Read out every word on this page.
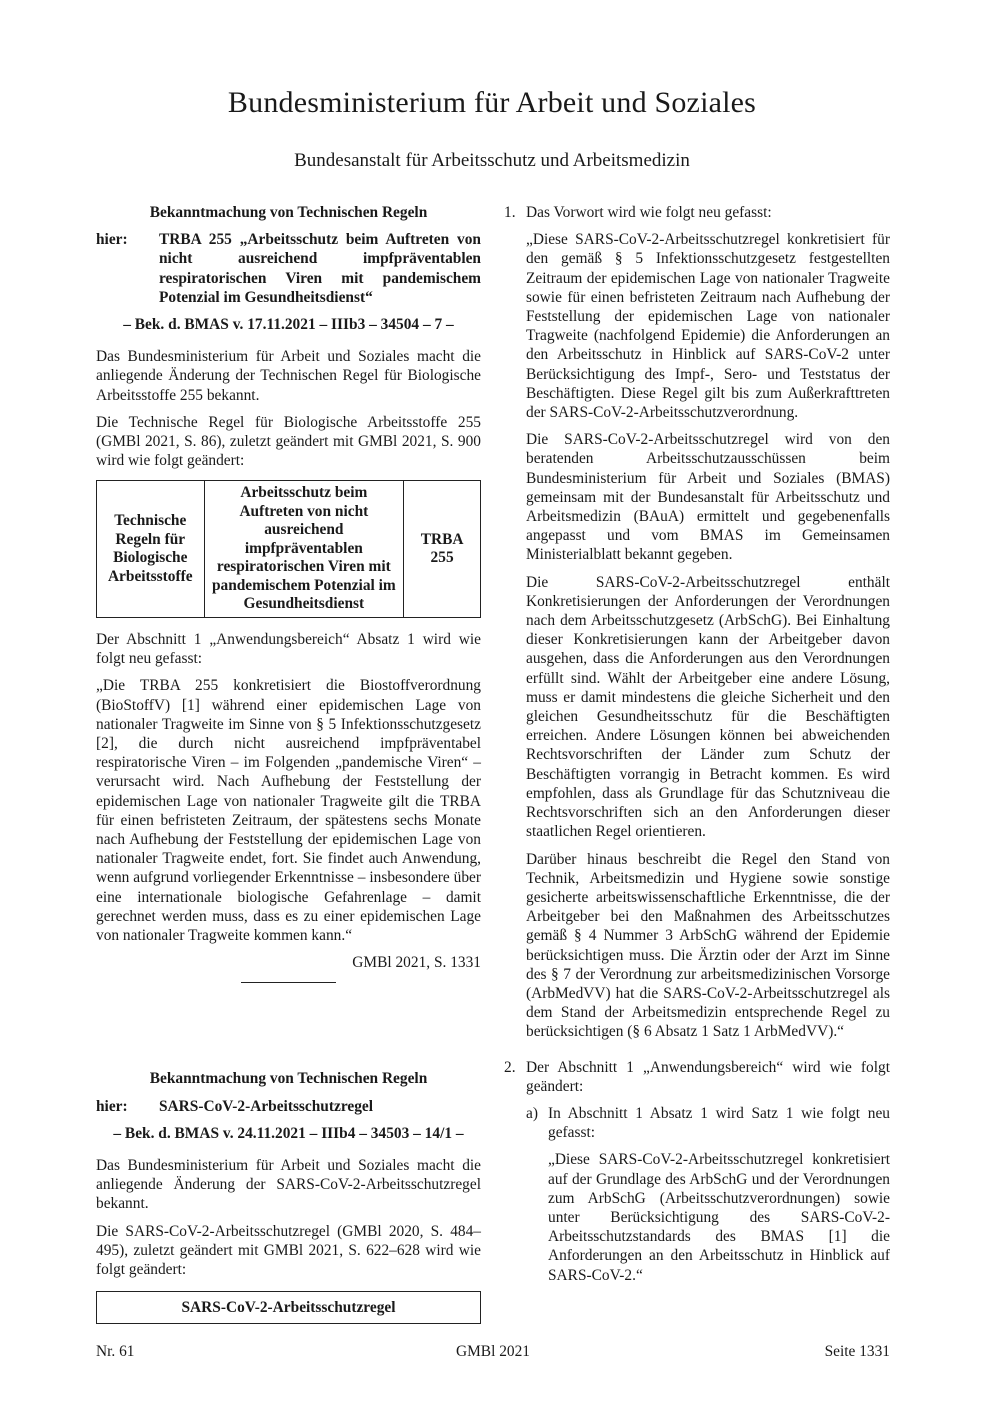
Bundesministerium für Arbeit und Soziales
Bundesanstalt für Arbeitsschutz und Arbeitsmedizin
Bekanntmachung von Technischen Regeln
hier:	TRBA 255 „Arbeitsschutz beim Auftreten von nicht ausreichend impfpräventablen respiratorischen Viren mit pandemischem Potenzial im Gesundheitsdienst“
– Bek. d. BMAS v. 17.11.2021 – IIIb3 – 34504 – 7 –

Das Bundesministerium für Arbeit und Soziales macht die anliegende Änderung der Technischen Regel für Biologische Arbeitsstoffe 255 bekannt.

Die Technische Regel für Biologische Arbeitsstoffe 255 (GMBl 2021, S. 86), zuletzt geändert mit GMBl 2021, S. 900 wird wie folgt geändert:

Technische Regeln für Biologische Arbeitsstoffe	Arbeitsschutz beim Auftreten von nicht ausreichend impfpräventablen respiratorischen Viren mit pandemischem Potenzial im Gesundheitsdienst	TRBA 255

Der Abschnitt 1 „Anwendungsbereich“ Absatz 1 wird wie folgt neu gefasst:

„Die TRBA 255 konkretisiert die Biostoffverordnung (BioStoffV) [1] während einer epidemischen Lage von nationaler Tragweite im Sinne von § 5 Infektionsschutzgesetz [2], die durch nicht ausreichend impfpräventabel respiratorische Viren – im Folgenden „pandemische Viren“ – verursacht wird. Nach Aufhebung der Feststellung der epidemischen Lage von nationaler Tragweite gilt die TRBA für einen befristeten Zeitraum, der spätestens sechs Monate nach Aufhebung der Feststellung der epidemischen Lage von nationaler Tragweite endet, fort. Sie findet auch Anwendung, wenn aufgrund vorliegender Erkenntnisse – insbesondere über eine internationale biologische Gefahrenlage – damit gerechnet werden muss, dass es zu einer epidemischen Lage von nationaler Tragweite kommen kann.“

GMBl 2021, S. 1331
Bekanntmachung von Technischen Regeln
hier:	SARS-CoV-2-Arbeitsschutzregel
– Bek. d. BMAS v. 24.11.2021 – IIIb4 – 34503 – 14/1 –

Das Bundesministerium für Arbeit und Soziales macht die anliegende Änderung der SARS-CoV-2-Arbeitsschutzregel bekannt.

Die SARS-CoV-2-Arbeitsschutzregel (GMBl 2020, S. 484–495), zuletzt geändert mit GMBl 2021, S. 622–628 wird wie folgt geändert:

SARS-CoV-2-Arbeitsschutzregel
1. Das Vorwort wird wie folgt neu gefasst:

„Diese SARS-CoV-2-Arbeitsschutzregel konkretisiert für den gemäß § 5 Infektionsschutzgesetz festgestellten Zeitraum der epidemischen Lage von nationaler Tragweite sowie für einen befristeten Zeitraum nach Aufhebung der Feststellung der epidemischen Lage von nationaler Tragweite (nachfolgend Epidemie) die Anforderungen an den Arbeitsschutz in Hinblick auf SARS-CoV-2 unter Berücksichtigung des Impf-, Sero- und Teststatus der Beschäftigten. Diese Regel gilt bis zum Außerkrafttreten der SARS-CoV-2-Arbeitsschutzverordnung.

Die SARS-CoV-2-Arbeitsschutzregel wird von den beratenden Arbeitsschutzausschüssen beim Bundesministerium für Arbeit und Soziales (BMAS) gemeinsam mit der Bundesanstalt für Arbeitsschutz und Arbeitsmedizin (BAuA) ermittelt und gegebenenfalls angepasst und vom BMAS im Gemeinsamen Ministerialblatt bekannt gegeben.

Die SARS-CoV-2-Arbeitsschutzregel enthält Konkretisierungen der Anforderungen der Verordnungen nach dem Arbeitsschutzgesetz (ArbSchG). Bei Einhaltung dieser Konkretisierungen kann der Arbeitgeber davon ausgehen, dass die Anforderungen aus den Verordnungen erfüllt sind. Wählt der Arbeitgeber eine andere Lösung, muss er damit mindestens die gleiche Sicherheit und den gleichen Gesundheitsschutz für die Beschäftigten erreichen. Andere Lösungen können bei abweichenden Rechtsvorschriften der Länder zum Schutz der Beschäftigten vorrangig in Betracht kommen. Es wird empfohlen, dass als Grundlage für das Schutzniveau die Rechtsvorschriften sich an den Anforderungen dieser staatlichen Regel orientieren.

Darüber hinaus beschreibt die Regel den Stand von Technik, Arbeitsmedizin und Hygiene sowie sonstige gesicherte arbeitswissenschaftliche Erkenntnisse, die der Arbeitgeber bei den Maßnahmen des Arbeitsschutzes gemäß § 4 Nummer 3 ArbSchG während der Epidemie berücksichtigen muss. Die Ärztin oder der Arzt im Sinne des § 7 der Verordnung zur arbeitsmedizinischen Vorsorge (ArbMedVV) hat die SARS-CoV-2-Arbeitsschutzregel als dem Stand der Arbeitsmedizin entsprechende Regel zu berücksichtigen (§ 6 Absatz 1 Satz 1 ArbMedVV).“

2. Der Abschnitt 1 „Anwendungsbereich“ wird wie folgt geändert:

a) In Abschnitt 1 Absatz 1 wird Satz 1 wie folgt neu gefasst:

„Diese SARS-CoV-2-Arbeitsschutzregel konkretisiert auf der Grundlage des ArbSchG und der Verordnungen zum ArbSchG (Arbeitsschutzverordnungen) sowie unter Berücksichtigung des SARS-CoV-2-Arbeitsschutzstandards des BMAS [1] die Anforderungen an den Arbeitsschutz in Hinblick auf SARS-CoV-2.“

Nr. 61	GMBl 2021	Seite 1331
